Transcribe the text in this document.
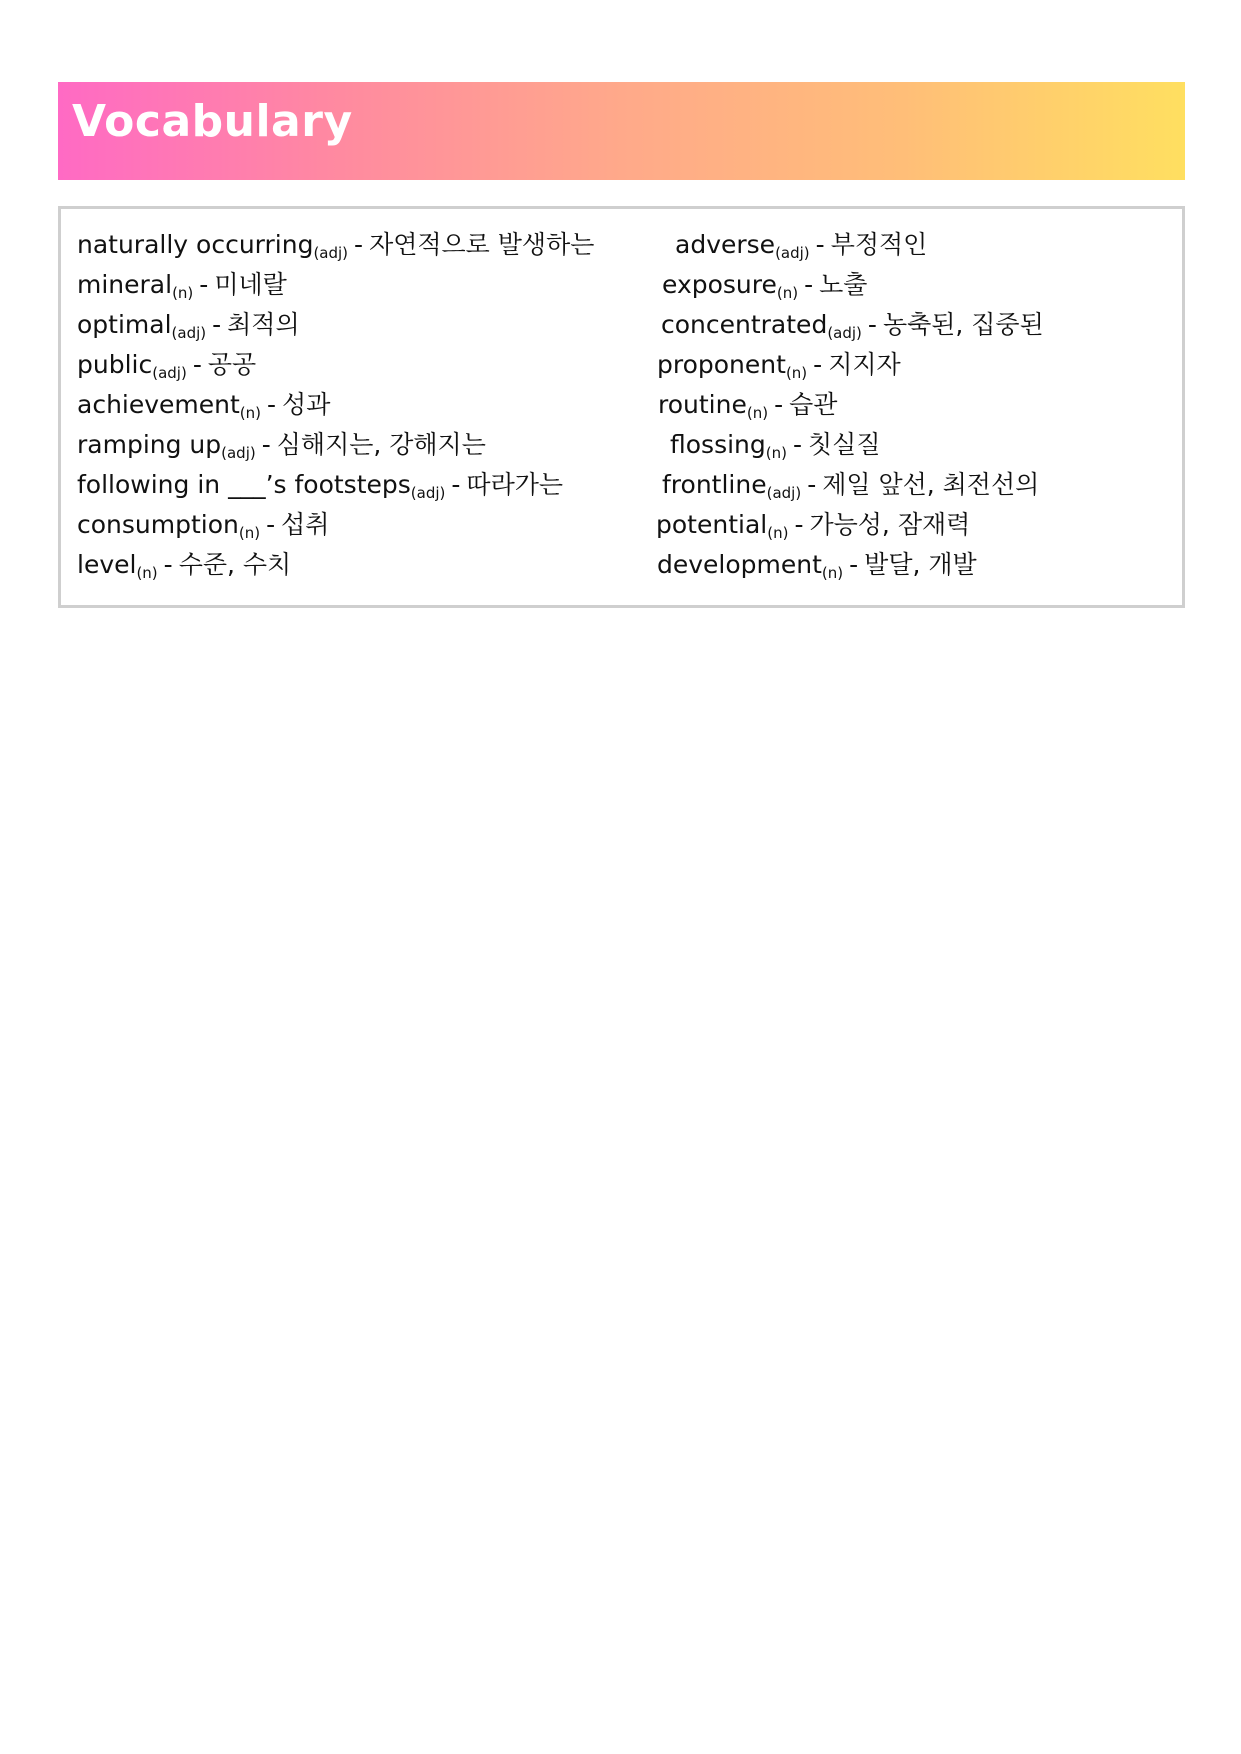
Vocabulary
naturally occurring$_{(adj)}$ - 자연적으로 발생하는	adverse$_{(adj)}$ - 부정적인
mineral$_{(n)}$ - 미네랄	exposure$_{(n)}$ - 노출
optimal$_{(adj)}$ - 최적의	concentrated$_{(adj)}$ - 농축된, 집중된
public$_{(adj)}$ - 공공	proponent$_{(n)}$ - 지지자
achievement$_{(n)}$ - 성과	routine$_{(n)}$ - 습관
ramping $up_{(adj)}$ - 심해지는, 강해지는	flossing$_{(n)}$ - 칫실질
following in ___’s footsteps$_{(adj)}$ - 따라가는	frontline$_{(adj)}$ - 제일 앞선, 최전선의
consumption$_{(n)}$ - 섭취	potential$_{(n)}$ - 가능성, 잠재력
level$_{(n)}$ - 수준, 수치	development$_{(n)}$ - 발달, 개발
